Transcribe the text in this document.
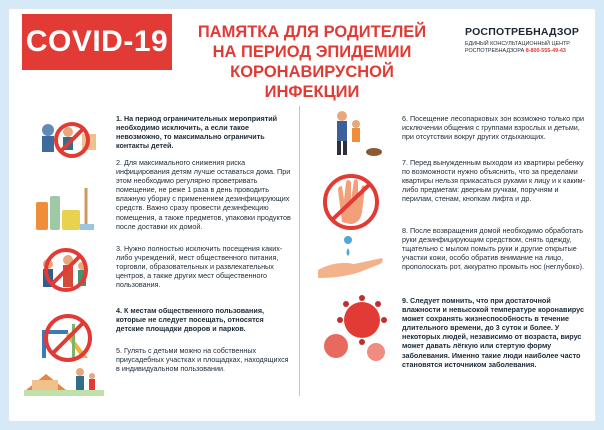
COVID-19	ПАМЯТКА ДЛЯ РОДИТЕЛЕЙ
НА ПЕРИОД ЭПИДЕМИИ
КОРОНАВИРУСНОЙ ИНФЕКЦИИ
РОСПОТРЕБНАДЗОР
ЕДИНЫЙ КОНСУЛЬТАЦИОННЫЙ ЦЕНТР
РОСПОТРЕБНАДЗОРА 8-800-555-49-43
1. На период ограничительных мероприятий необходимо исключить, а если такое невозможно, то максимально ограничить контакты детей.
2. Для максимального снижения риска инфицирования детям лучше оставаться дома. При этом необходимо регулярно проветривать помещение, не реже 1 раза в день проводить влажную уборку с применением дезинфицирующих средств. Важно сразу провести дезинфекцию помещения, а также предметов, упаковки продуктов после доставки их домой.
3. Нужно полностью исключить посещения каких-либо учреждений, мест общественного питания, торговли, образовательных и развлекательных центров, а также других мест общественного пользования.
4. К местам общественного пользования, которые не следует посещать, относятся детские площадки дворов и парков.
5. Гулять с детьми можно на собственных приусадебных участках и площадках, находящихся в индивидуальном пользовании.
6. Посещение лесопарковых зон возможно только при исключении общения с группами взрослых и детьми, при отсутствии вокруг других отдыхающих.
7. Перед вынужденным выходом из квартиры ребенку по возможности нужно объяснить, что за пределами квартиры нельзя прикасаться руками к лицу и к каким-либо предметам: дверным ручкам, поручням и перилам, стенам, кнопкам лифта и др.
8. После возвращения домой необходимо обработать руки дезинфицирующим средством, снять одежду, тщательно с мылом помыть руки и другие открытые участки кожи, особо обратив внимание на лицо, прополоскать рот, аккуратно промыть нос (неглубоко).
9. Следует помнить, что при достаточной влажности и невысокой температуре коронавирус может сохранять жизнеспособность в течение длительного времени, до 3 суток и более. У некоторых людей, независимо от возраста, вирус может давать лёгкую или стертую форму заболевания. Именно такие люди наиболее часто становятся источником заболевания.
